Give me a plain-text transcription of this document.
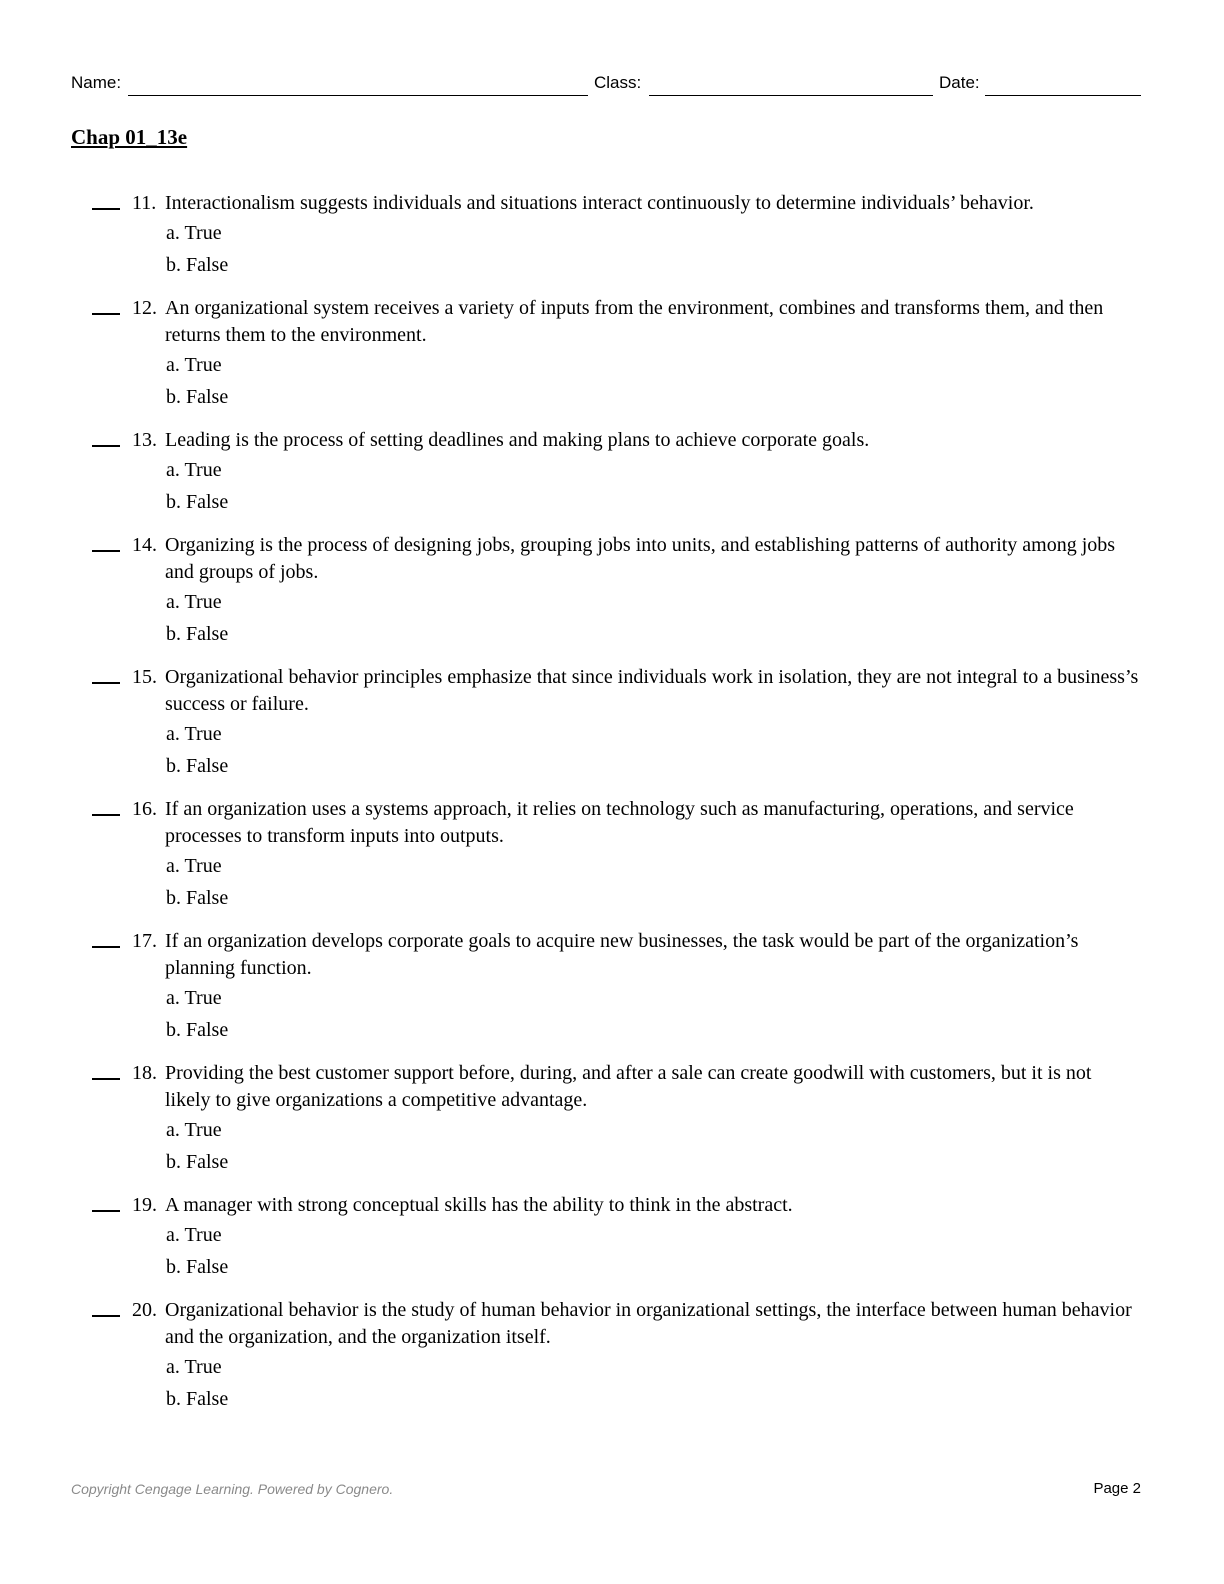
Name:	Class:	Date:
Chap 01_13e
11. Interactionalism suggests individuals and situations interact continuously to determine individuals’ behavior.
a. True
b. False
12. An organizational system receives a variety of inputs from the environment, combines and transforms them, and then returns them to the environment.
a. True
b. False
13. Leading is the process of setting deadlines and making plans to achieve corporate goals.
a. True
b. False
14. Organizing is the process of designing jobs, grouping jobs into units, and establishing patterns of authority among jobs and groups of jobs.
a. True
b. False
15. Organizational behavior principles emphasize that since individuals work in isolation, they are not integral to a business’s success or failure.
a. True
b. False
16. If an organization uses a systems approach, it relies on technology such as manufacturing, operations, and service processes to transform inputs into outputs.
a. True
b. False
17. If an organization develops corporate goals to acquire new businesses, the task would be part of the organization’s planning function.
a. True
b. False
18. Providing the best customer support before, during, and after a sale can create goodwill with customers, but it is not likely to give organizations a competitive advantage.
a. True
b. False
19. A manager with strong conceptual skills has the ability to think in the abstract.
a. True
b. False
20. Organizational behavior is the study of human behavior in organizational settings, the interface between human behavior and the organization, and the organization itself.
a. True
b. False
Copyright Cengage Learning. Powered by Cognero.	Page 2
